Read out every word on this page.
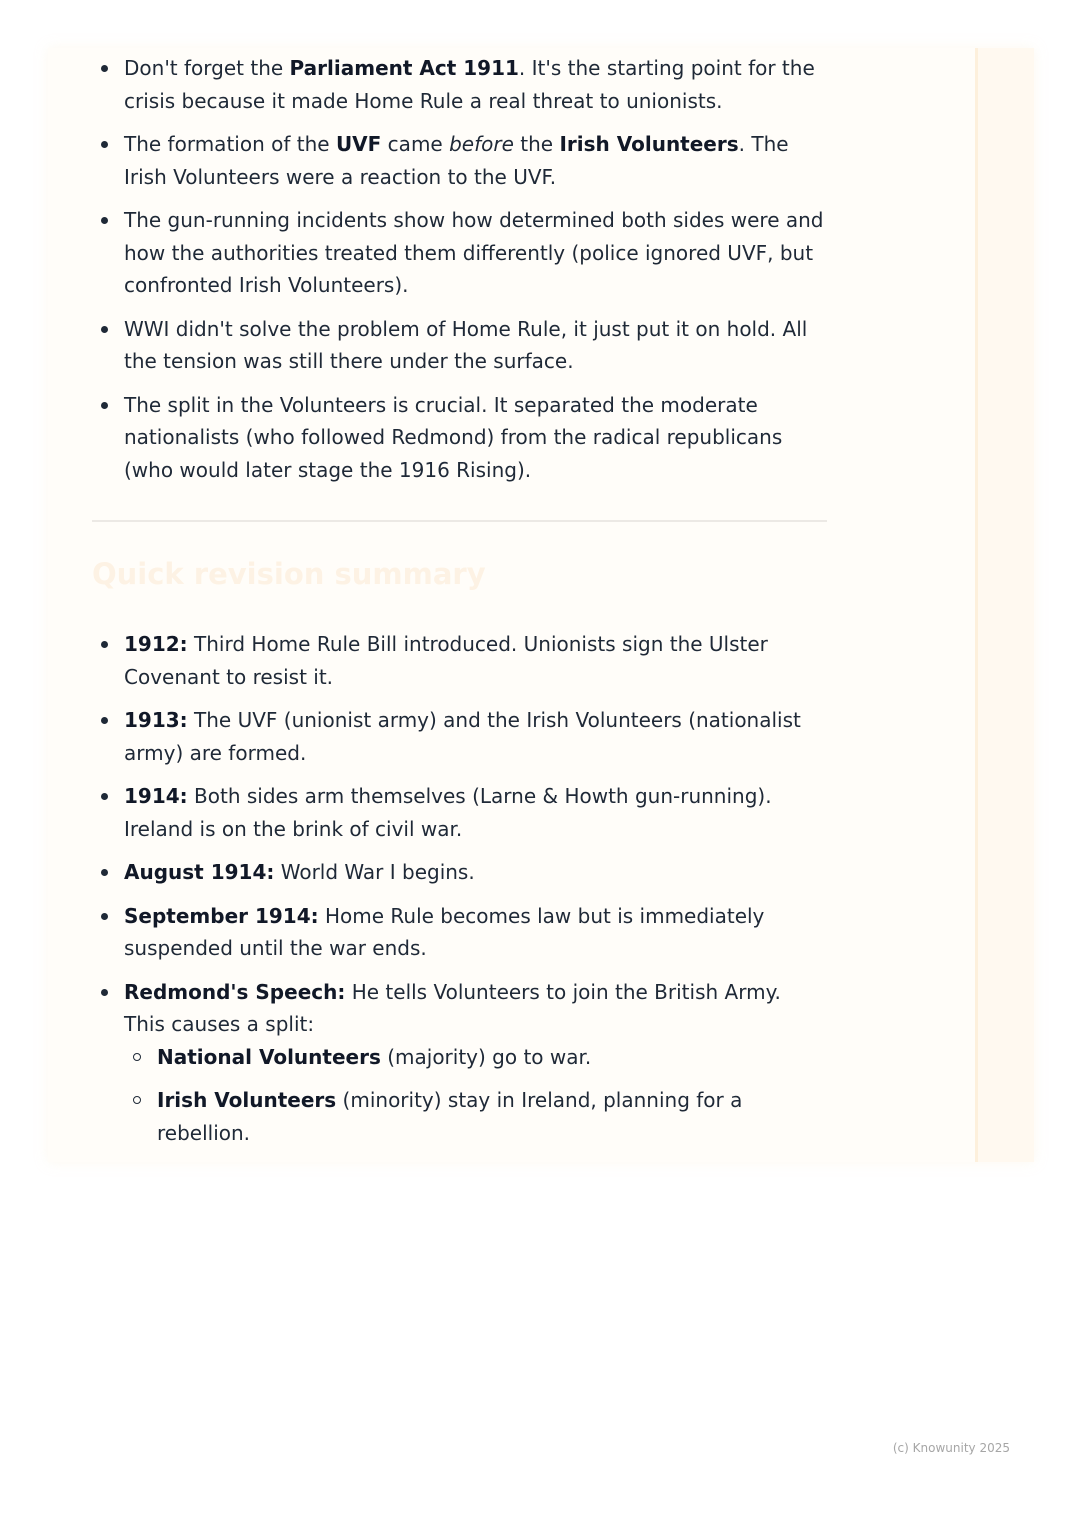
Don't forget the Parliament Act 1911. It's the starting point for the crisis because it made Home Rule a real threat to unionists.
The formation of the UVF came before the Irish Volunteers. The Irish Volunteers were a reaction to the UVF.
The gun-running incidents show how determined both sides were and how the authorities treated them differently (police ignored UVF, but confronted Irish Volunteers).
WWI didn't solve the problem of Home Rule, it just put it on hold. All the tension was still there under the surface.
The split in the Volunteers is crucial. It separated the moderate nationalists (who followed Redmond) from the radical republicans (who would later stage the 1916 Rising).
Quick revision summary
1912: Third Home Rule Bill introduced. Unionists sign the Ulster Covenant to resist it.
1913: The UVF (unionist army) and the Irish Volunteers (nationalist army) are formed.
1914: Both sides arm themselves (Larne & Howth gun-running). Ireland is on the brink of civil war.
August 1914: World War I begins.
September 1914: Home Rule becomes law but is immediately suspended until the war ends.
Redmond's Speech: He tells Volunteers to join the British Army. This causes a split:
National Volunteers (majority) go to war.
Irish Volunteers (minority) stay in Ireland, planning for a rebellion.
(c) Knowunity 2025
